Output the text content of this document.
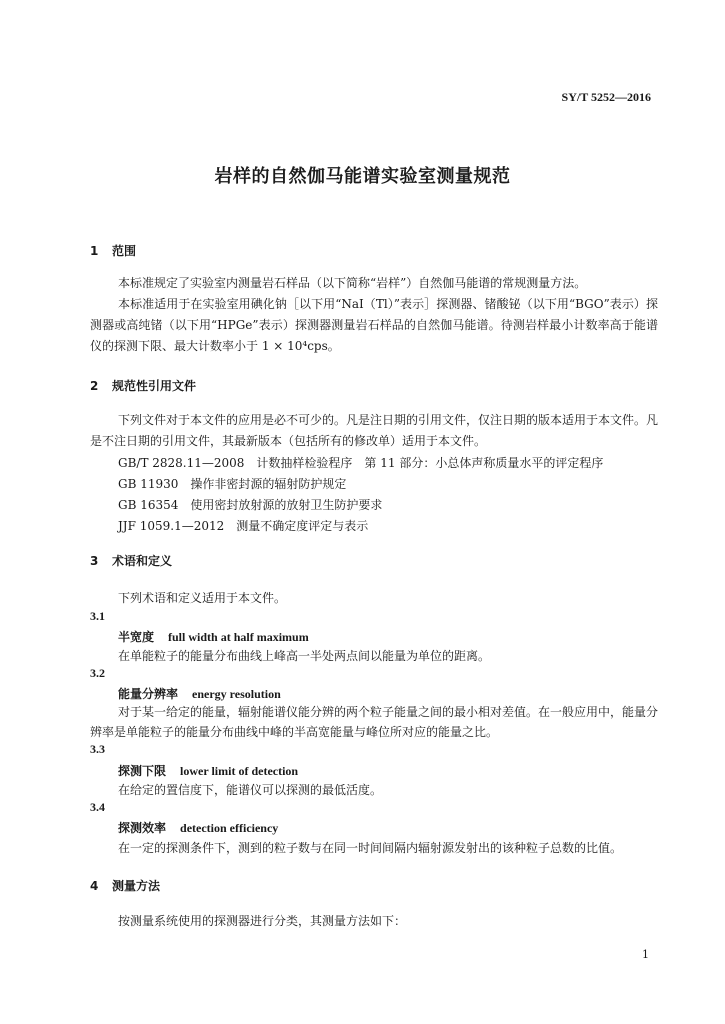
SY/T 5252—2016
岩样的自然伽马能谱实验室测量规范
1 范围
本标准规定了实验室内测量岩石样品（以下简称“岩样”）自然伽马能谱的常规测量方法。
本标准适用于在实验室用碘化钠［以下用“NaI（Tl）”表示］探测器、锗酸铋（以下用“BGO”表示）探测器或高纯锗（以下用“HPGe”表示）探测器测量岩石样品的自然伽马能谱。待测岩样最小计数率高于能谱仪的探测下限、最大计数率小于 1 × 10⁴cps。
2 规范性引用文件
下列文件对于本文件的应用是必不可少的。凡是注日期的引用文件，仅注日期的版本适用于本文件。凡是不注日期的引用文件，其最新版本（包括所有的修改单）适用于本文件。
GB/T 2828.11—2008　计数抽样检验程序　第 11 部分：小总体声称质量水平的评定程序
GB 11930　操作非密封源的辐射防护规定
GB 16354　使用密封放射源的放射卫生防护要求
JJF 1059.1—2012　测量不确定度评定与表示
3 术语和定义
下列术语和定义适用于本文件。
3.1
半宽度 full width at half maximum
在单能粒子的能量分布曲线上峰高一半处两点间以能量为单位的距离。
3.2
能量分辨率 energy resolution
对于某一给定的能量，辐射能谱仪能分辨的两个粒子能量之间的最小相对差值。在一般应用中，能量分辨率是单能粒子的能量分布曲线中峰的半高宽能量与峰位所对应的能量之比。
3.3
探测下限 lower limit of detection
在给定的置信度下，能谱仪可以探测的最低活度。
3.4
探测效率 detection efficiency
在一定的探测条件下，测到的粒子数与在同一时间间隔内辐射源发射出的该种粒子总数的比值。
4 测量方法
按测量系统使用的探测器进行分类，其测量方法如下：
1
